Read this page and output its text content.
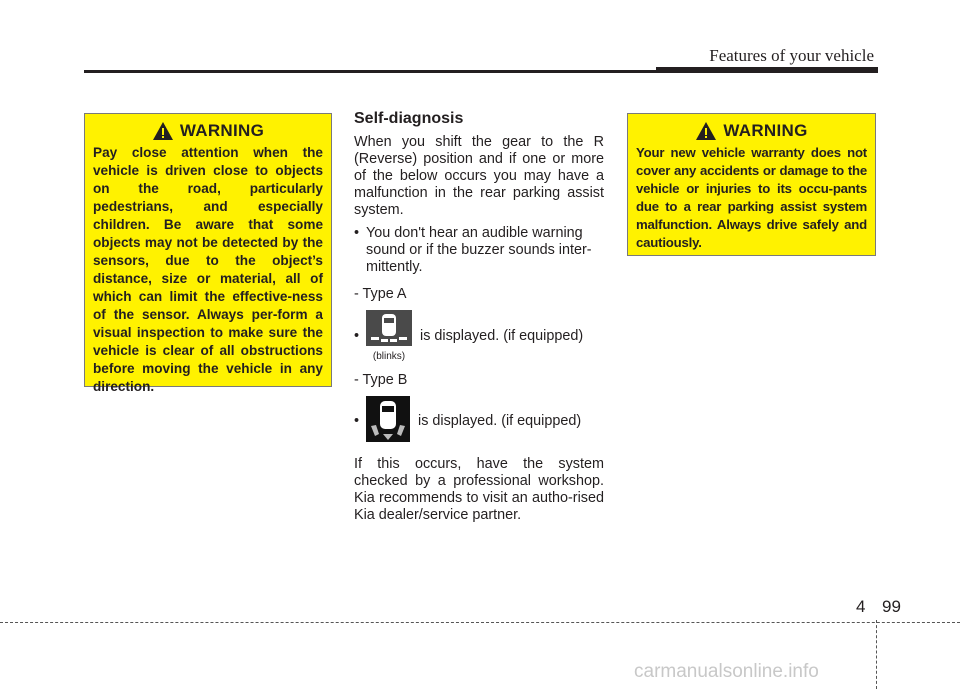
Features of your vehicle
WARNING
Pay close attention when the vehicle is driven close to objects on the road, particularly pedestrians, and especially children. Be aware that some objects may not be detected by the sensors, due to the object’s distance, size or material, all of which can limit the effective-ness of the sensor. Always per-form a visual inspection to make sure the vehicle is clear of all obstructions before moving the vehicle in any direction.
Self-diagnosis

When you shift the gear to the R (Reverse) position and if one or more of the below occurs you may have a malfunction in the rear parking assist system.

• You don't hear an audible warning sound or if the buzzer sounds inter-mittently.
- Type A
•
(blinks)
is displayed. (if equipped)
- Type B
•	is displayed. (if equipped)

If this occurs, have the system checked by a professional workshop. Kia recommends to visit an autho-rised Kia dealer/service partner.

WARNING
Your new vehicle warranty does not cover any accidents or damage to the vehicle or injuries to its occu-pants due to a rear parking assist system malfunction. Always drive safely and cautiously.
4 99
carmanualsonline.info
